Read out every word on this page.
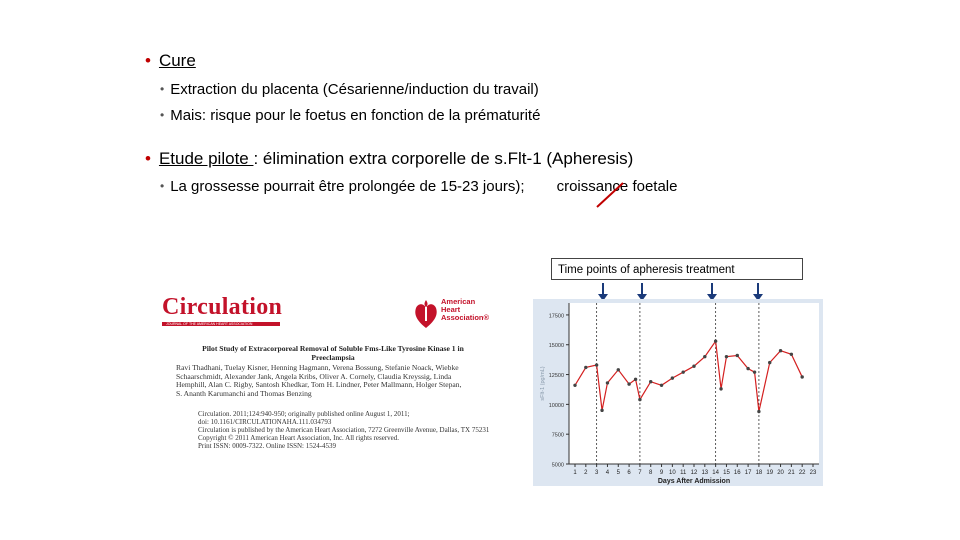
• Cure
• Extraction du placenta (Césarienne/induction du travail)
• Mais: risque pour le foetus en fonction de la prématurité
• Etude pilote : élimination extra corporelle de s.Flt-1 (Apheresis)
• La grossesse pourrait être prolongée de 15-23 jours); croissance foetale
Time points of apheresis treatment
Circulation
JOURNAL OF THE AMERICAN HEART ASSOCIATION
American
Heart
Association®
Pilot Study of Extracorporeal Removal of Soluble Fms-Like Tyrosine Kinase 1 in
Preeclampsia
Ravi Thadhani, Tuelay Kisner, Henning Hagmann, Verena Bossung, Stefanie Noack, Wiebke
Schaarschmidt, Alexander Jank, Angela Kribs, Oliver A. Cornely, Claudia Kreyssig, Linda
Hemphill, Alan C. Rigby, Santosh Khedkar, Tom H. Lindner, Peter Mallmann, Holger Stepan,
S. Ananth Karumanchi and Thomas Benzing
Circulation. 2011;124:940-950; originally published online August 1, 2011;
doi: 10.1161/CIRCULATIONAHA.111.034793
Circulation is published by the American Heart Association, 7272 Greenville Avenue, Dallas, TX 75231
Copyright © 2011 American Heart Association, Inc. All rights reserved.
Print ISSN: 0009-7322. Online ISSN: 1524-4539
5000
7500
10000
12500
15000
17500
1 2 3 4 5 6 7 8 9 10 11 12 13 14 15 16 17 18 19 20 21 22 23
Days After Admission
sFlt-1 (pg/mL)
